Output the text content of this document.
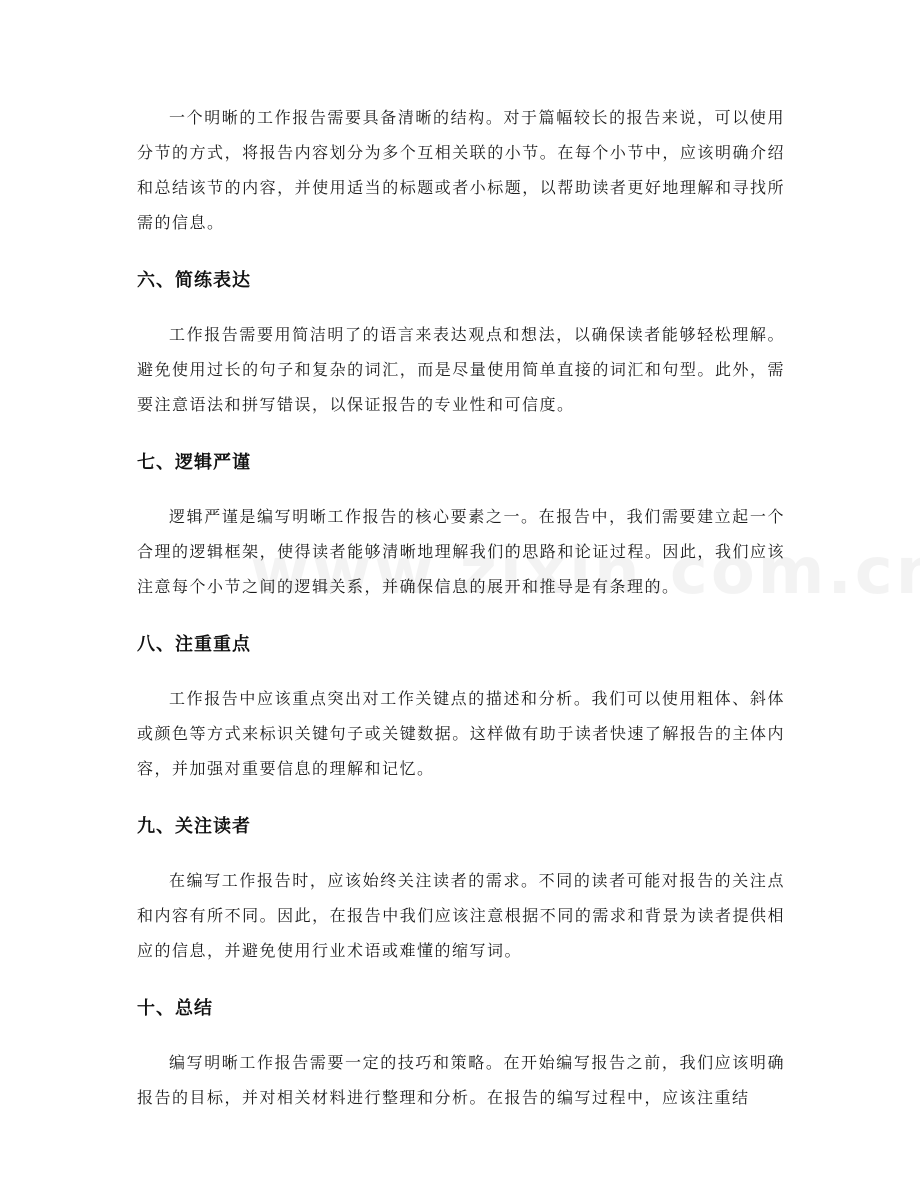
一个明晰的工作报告需要具备清晰的结构。对于篇幅较长的报告来说，可以使用分节的方式，将报告内容划分为多个互相关联的小节。在每个小节中，应该明确介绍和总结该节的内容，并使用适当的标题或者小标题，以帮助读者更好地理解和寻找所需的信息。

六、简练表达

工作报告需要用简洁明了的语言来表达观点和想法，以确保读者能够轻松理解。避免使用过长的句子和复杂的词汇，而是尽量使用简单直接的词汇和句型。此外，需要注意语法和拼写错误，以保证报告的专业性和可信度。

七、逻辑严谨

逻辑严谨是编写明晰工作报告的核心要素之一。在报告中，我们需要建立起一个合理的逻辑框架，使得读者能够清晰地理解我们的思路和论证过程。因此，我们应该注意每个小节之间的逻辑关系，并确保信息的展开和推导是有条理的。

八、注重重点

工作报告中应该重点突出对工作关键点的描述和分析。我们可以使用粗体、斜体或颜色等方式来标识关键句子或关键数据。这样做有助于读者快速了解报告的主体内容，并加强对重要信息的理解和记忆。

九、关注读者

在编写工作报告时，应该始终关注读者的需求。不同的读者可能对报告的关注点和内容有所不同。因此，在报告中我们应该注意根据不同的需求和背景为读者提供相应的信息，并避免使用行业术语或难懂的缩写词。

十、总结

编写明晰工作报告需要一定的技巧和策略。在开始编写报告之前，我们应该明确报告的目标，并对相关材料进行整理和分析。在报告的编写过程中，应该注重结
